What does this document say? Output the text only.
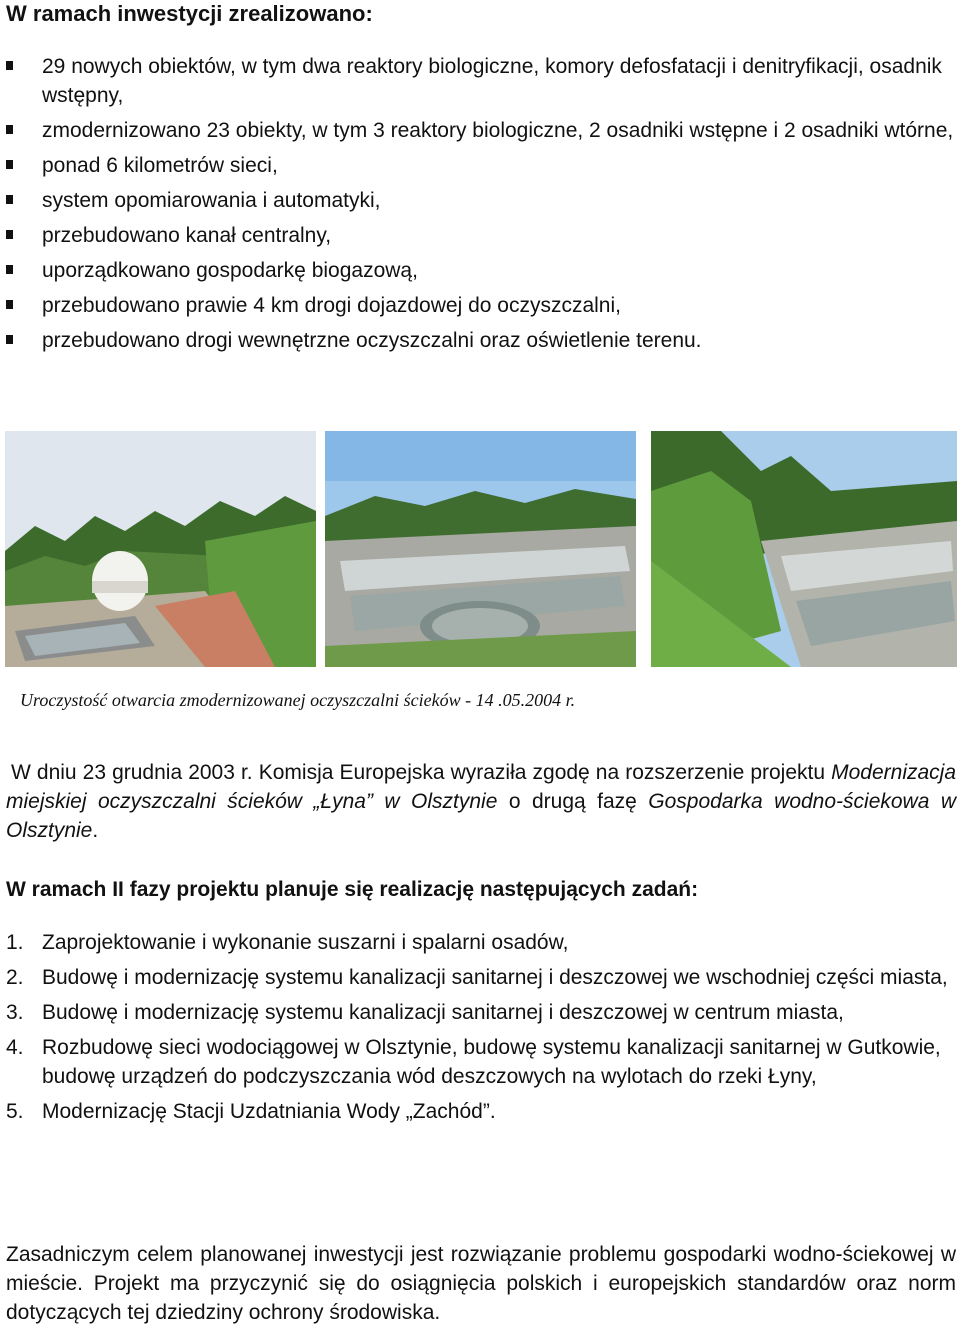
W ramach inwestycji zrealizowano:
29 nowych obiektów, w tym dwa reaktory biologiczne, komory defosfatacji i denitryfikacji, osadnik wstępny,
zmodernizowano 23 obiekty, w tym 3 reaktory biologiczne, 2 osadniki wstępne i 2 osadniki wtórne,
ponad 6 kilometrów sieci,
system opomiarowania i automatyki,
przebudowano kanał centralny,
uporządkowano gospodarkę biogazową,
przebudowano prawie 4 km drogi dojazdowej do oczyszczalni,
przebudowano drogi wewnętrzne oczyszczalni oraz oświetlenie terenu.
Uroczystość otwarcia zmodernizowanej oczyszczalni ścieków - 14 .05.2004 r.

W dniu 23 grudnia 2003 r. Komisja Europejska wyraziła zgodę na rozszerzenie projektu Modernizacja miejskiej oczyszczalni ścieków „Łyna” w Olsztynie o drugą fazę Gospodarka wodno-ściekowa w Olsztynie.

W ramach II fazy projektu planuje się realizację następujących zadań:
1. Zaprojektowanie i wykonanie suszarni i spalarni osadów,
2. Budowę i modernizację systemu kanalizacji sanitarnej i deszczowej we wschodniej części miasta,
3. Budowę i modernizację systemu kanalizacji sanitarnej i deszczowej w centrum miasta,
4. Rozbudowę sieci wodociągowej w Olsztynie, budowę systemu kanalizacji sanitarnej w Gutkowie, budowę urządzeń do podczyszczania wód deszczowych na wylotach do rzeki Łyny,
5. Modernizację Stacji Uzdatniania Wody „Zachód”.

Zasadniczym celem planowanej inwestycji jest rozwiązanie problemu gospodarki wodno-ściekowej w mieście. Projekt ma przyczynić się do osiągnięcia polskich i europejskich standardów oraz norm dotyczących tej dziedziny ochrony środowiska.
